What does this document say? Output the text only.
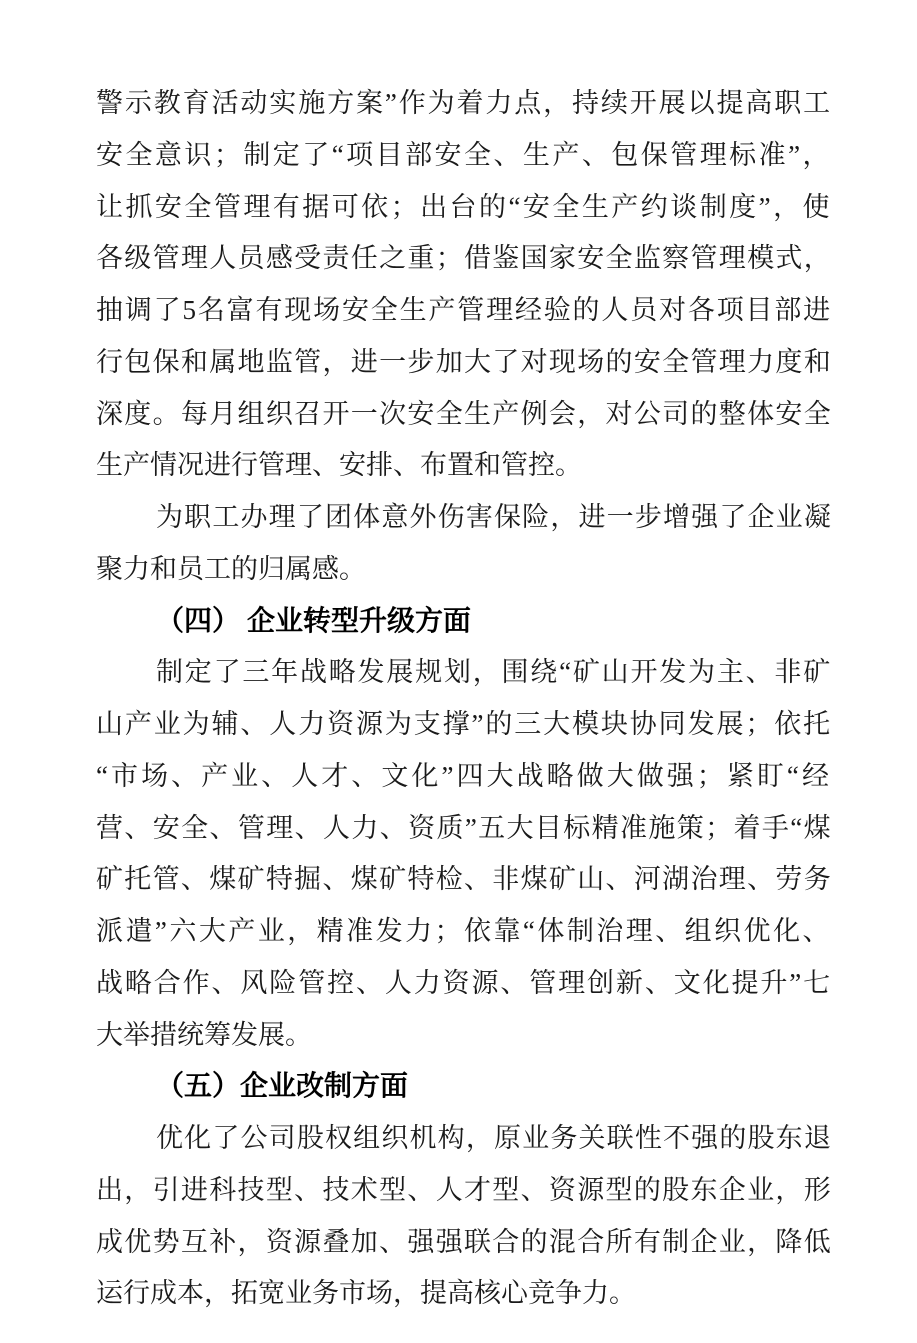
警示教育活动实施方案”作为着力点，持续开展以提高职工
安全意识；制定了“项目部安全、生产、包保管理标准”，
让抓安全管理有据可依；出台的“安全生产约谈制度”，使
各级管理人员感受责任之重；借鉴国家安全监察管理模式，
抽调了5名富有现场安全生产管理经验的人员对各项目部进
行包保和属地监管，进一步加大了对现场的安全管理力度和
深度。每月组织召开一次安全生产例会，对公司的整体安全
生产情况进行管理、安排、布置和管控。
为职工办理了团体意外伤害保险，进一步增强了企业凝
聚力和员工的归属感。
（四） 企业转型升级方面
制定了三年战略发展规划，围绕“矿山开发为主、非矿
山产业为辅、人力资源为支撑”的三大模块协同发展；依托
“市场、产业、人才、文化”四大战略做大做强；紧盯“经
营、安全、管理、人力、资质”五大目标精准施策；着手“煤
矿托管、煤矿特掘、煤矿特检、非煤矿山、河湖治理、劳务
派遣”六大产业，精准发力；依靠“体制治理、组织优化、
战略合作、风险管控、人力资源、管理创新、文化提升”七
大举措统筹发展。
（五）企业改制方面
优化了公司股权组织机构，原业务关联性不强的股东退
出，引进科技型、技术型、人才型、资源型的股东企业，形
成优势互补，资源叠加、强强联合的混合所有制企业，降低
运行成本，拓宽业务市场，提高核心竞争力。
